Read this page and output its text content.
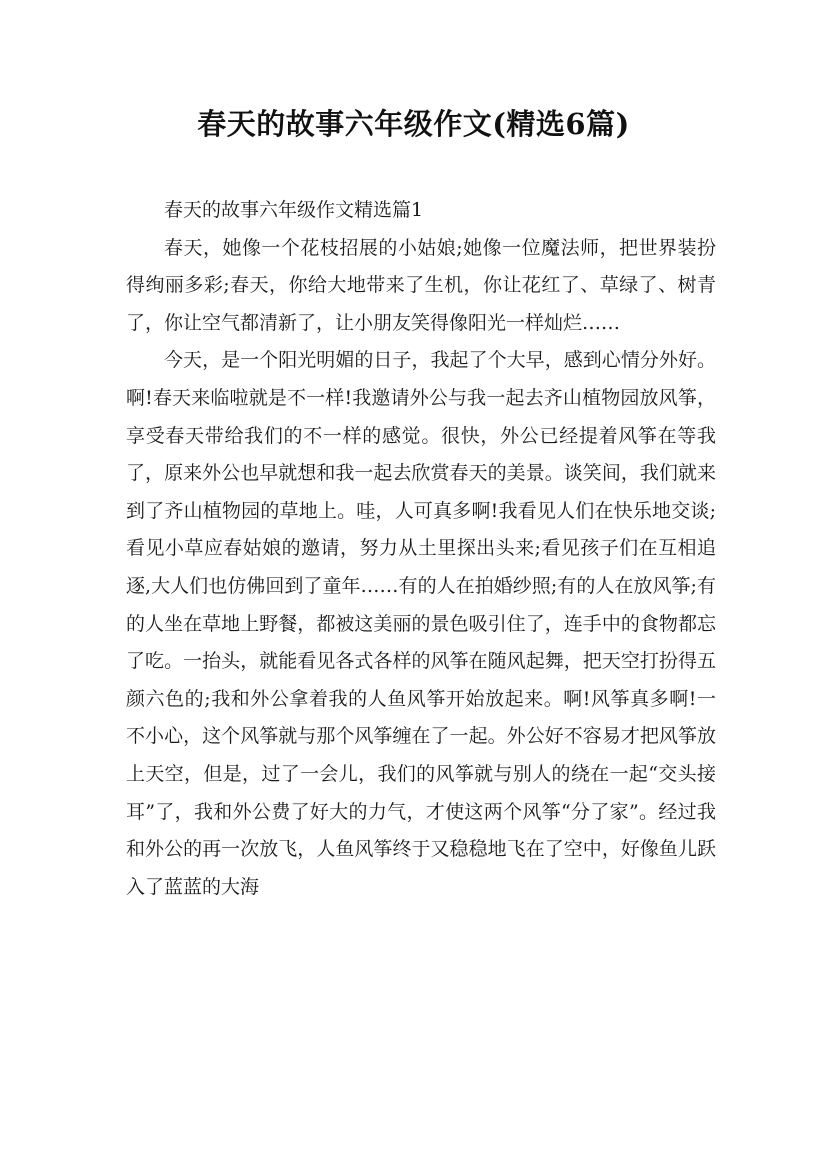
春天的故事六年级作文(精选6篇)

春天的故事六年级作文精选篇1

春天，她像一个花枝招展的小姑娘;她像一位魔法师，把世界装扮得绚丽多彩;春天，你给大地带来了生机，你让花红了、草绿了、树青了，你让空气都清新了，让小朋友笑得像阳光一样灿烂……

今天，是一个阳光明媚的日子，我起了个大早，感到心情分外好。啊!春天来临啦就是不一样!我邀请外公与我一起去齐山植物园放风筝，享受春天带给我们的不一样的感觉。很快，外公已经提着风筝在等我了，原来外公也早就想和我一起去欣赏春天的美景。谈笑间，我们就来到了齐山植物园的草地上。哇，人可真多啊!我看见人们在快乐地交谈;看见小草应春姑娘的邀请，努力从土里探出头来;看见孩子们在互相追逐,大人们也仿佛回到了童年……有的人在拍婚纱照;有的人在放风筝;有的人坐在草地上野餐，都被这美丽的景色吸引住了，连手中的食物都忘了吃。一抬头，就能看见各式各样的风筝在随风起舞，把天空打扮得五颜六色的;我和外公拿着我的人鱼风筝开始放起来。啊!风筝真多啊!一不小心，这个风筝就与那个风筝缠在了一起。外公好不容易才把风筝放上天空，但是，过了一会儿，我们的风筝就与别人的绕在一起“交头接耳”了，我和外公费了好大的力气，才使这两个风筝“分了家”。经过我和外公的再一次放飞，人鱼风筝终于又稳稳地飞在了空中，好像鱼儿跃入了蓝蓝的大海
